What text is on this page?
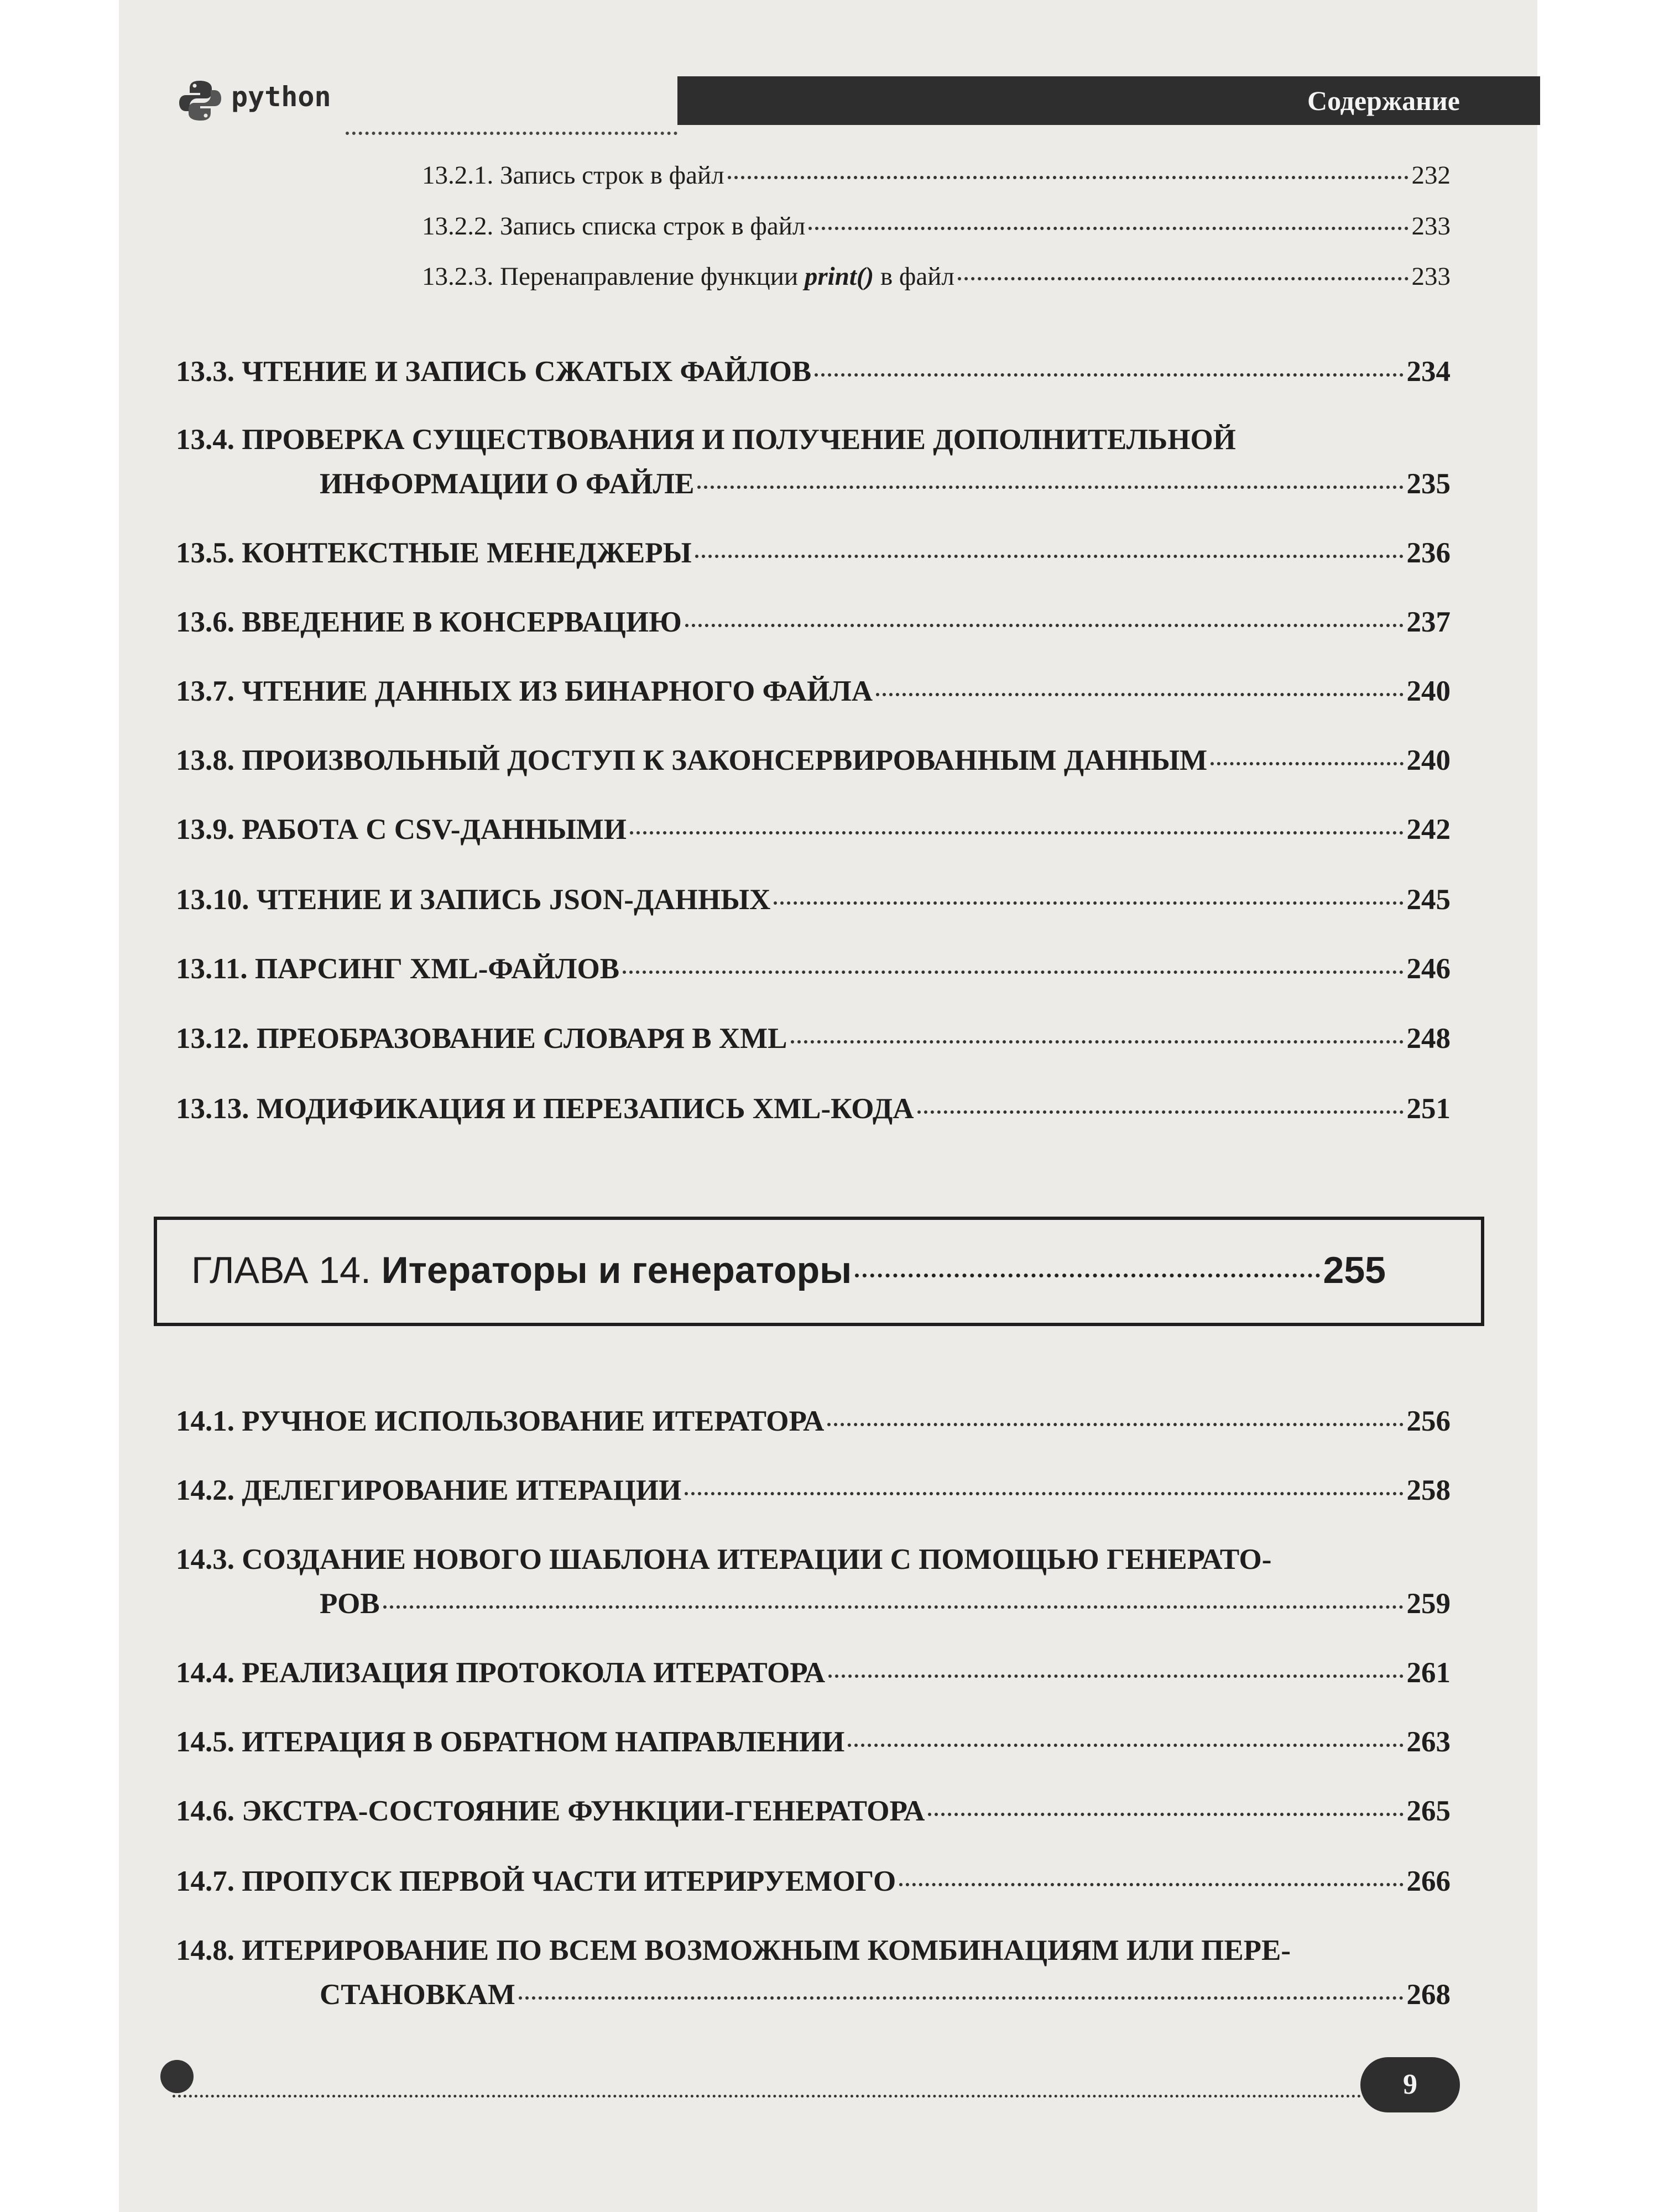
python	Содержание
13.2.1. Запись строк в файл	232
13.2.2. Запись списка строк в файл	233
13.2.3. Перенаправление функции print() в файл	233
13.3. ЧТЕНИЕ И ЗАПИСЬ СЖАТЫХ ФАЙЛОВ	234
13.4. ПРОВЕРКА СУЩЕСТВОВАНИЯ И ПОЛУЧЕНИЕ ДОПОЛНИТЕЛЬНОЙ
ИНФОРМАЦИИ О ФАЙЛЕ	235
13.5. КОНТЕКСТНЫЕ МЕНЕДЖЕРЫ	236
13.6. ВВЕДЕНИЕ В КОНСЕРВАЦИЮ	237
13.7. ЧТЕНИЕ ДАННЫХ ИЗ БИНАРНОГО ФАЙЛА	240
13.8. ПРОИЗВОЛЬНЫЙ ДОСТУП К ЗАКОНСЕРВИРОВАННЫМ ДАННЫМ	240
13.9. РАБОТА С CSV-ДАННЫМИ	242
13.10. ЧТЕНИЕ И ЗАПИСЬ JSON-ДАННЫХ	245
13.11. ПАРСИНГ XML-ФАЙЛОВ	246
13.12. ПРЕОБРАЗОВАНИЕ СЛОВАРЯ В XML	248
13.13. МОДИФИКАЦИЯ И ПЕРЕЗАПИСЬ XML-КОДА	251
ГЛАВА 14. Итераторы и генераторы	255
14.1. РУЧНОЕ ИСПОЛЬЗОВАНИЕ ИТЕРАТОРА	256
14.2. ДЕЛЕГИРОВАНИЕ ИТЕРАЦИИ	258
14.3. СОЗДАНИЕ НОВОГО ШАБЛОНА ИТЕРАЦИИ С ПОМОЩЬЮ ГЕНЕРАТО-
РОВ	259
14.4. РЕАЛИЗАЦИЯ ПРОТОКОЛА ИТЕРАТОРА	261
14.5. ИТЕРАЦИЯ В ОБРАТНОМ НАПРАВЛЕНИИ	263
14.6. ЭКСТРА-СОСТОЯНИЕ ФУНКЦИИ-ГЕНЕРАТОРА	265
14.7. ПРОПУСК ПЕРВОЙ ЧАСТИ ИТЕРИРУЕМОГО	266
14.8. ИТЕРИРОВАНИЕ ПО ВСЕМ ВОЗМОЖНЫМ КОМБИНАЦИЯМ ИЛИ ПЕРЕ-
СТАНОВКАМ	268
9
